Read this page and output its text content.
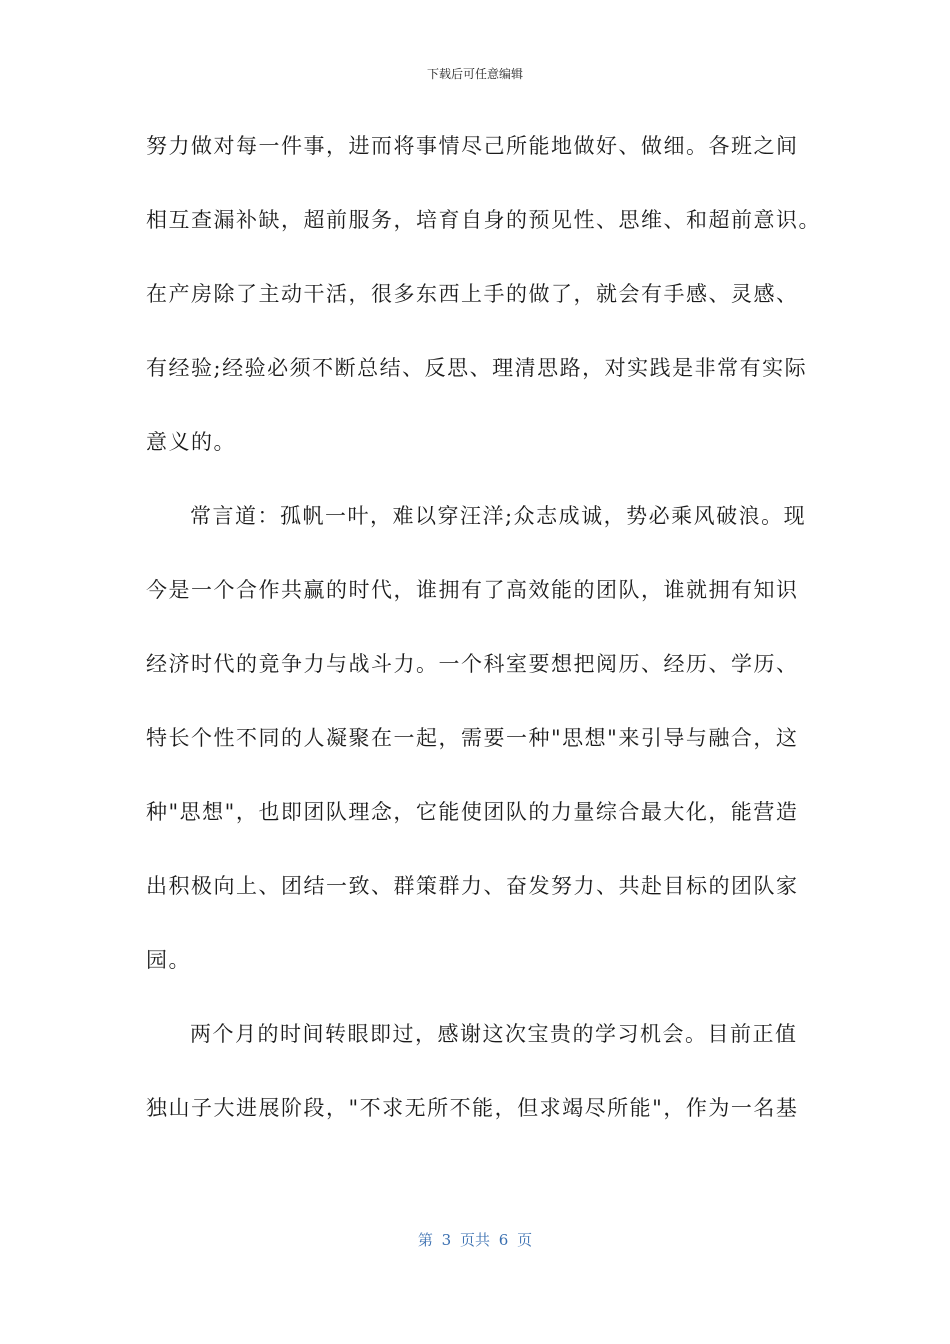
下载后可任意编辑
努力做对每一件事，进而将事情尽己所能地做好、做细。各班之间
相互查漏补缺，超前服务，培育自身的预见性、思维、和超前意识。
在产房除了主动干活，很多东西上手的做了，就会有手感、灵感、
有经验;经验必须不断总结、反思、理清思路，对实践是非常有实际
意义的。
常言道：孤帆一叶，难以穿汪洋;众志成诚，势必乘风破浪。现
今是一个合作共赢的时代，谁拥有了高效能的团队，谁就拥有知识
经济时代的竟争力与战斗力。一个科室要想把阅历、经历、学历、
特长个性不同的人凝聚在一起，需要一种"思想"来引导与融合，这
种"思想"，也即团队理念，它能使团队的力量综合最大化，能营造
出积极向上、团结一致、群策群力、奋发努力、共赴目标的团队家
园。
两个月的时间转眼即过，感谢这次宝贵的学习机会。目前正值
独山子大进展阶段，"不求无所不能，但求竭尽所能"，作为一名基
第 3 页共 6 页
